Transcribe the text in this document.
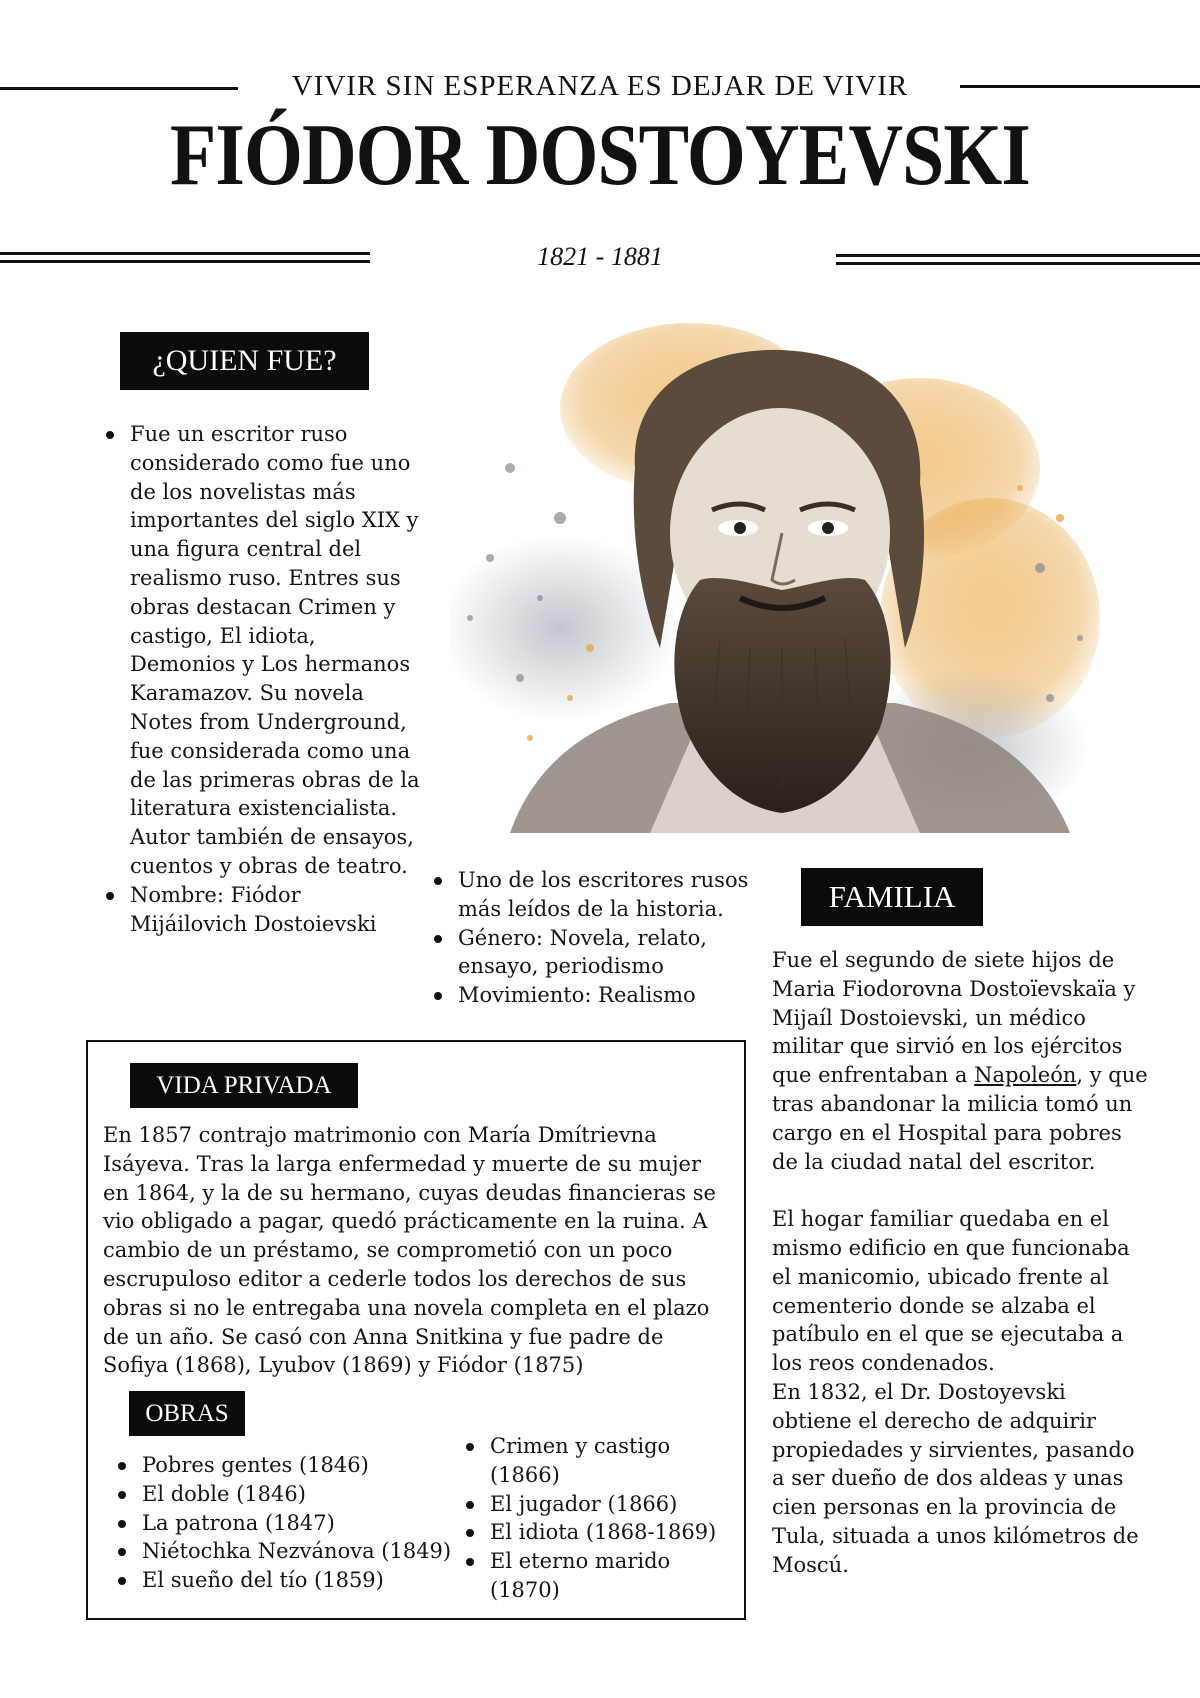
VIVIR SIN ESPERANZA ES DEJAR DE VIVIR
FIÓDOR DOSTOYEVSKI
1821 - 1881
¿QUIEN FUE?
Fue un escritor ruso considerado como fue uno de los novelistas más importantes del siglo XIX y una figura central del realismo ruso. Entres sus obras destacan Crimen y castigo, El idiota, Demonios y Los hermanos Karamazov. Su novela Notes from Underground, fue considerada como una de las primeras obras de la literatura existencialista. Autor también de ensayos, cuentos y obras de teatro.
Nombre: Fiódor Mijáilovich Dostoievski
Uno de los escritores rusos más leídos de la historia.
Género: Novela, relato, ensayo, periodismo
Movimiento: Realismo
FAMILIA

Fue el segundo de siete hijos de Maria Fiodorovna Dostoïevskaïa y Mijaíl Dostoievski, un médico militar que sirvió en los ejércitos que enfrentaban a Napoleón, y que tras abandonar la milicia tomó un cargo en el Hospital para pobres de la ciudad natal del escritor.

El hogar familiar quedaba en el mismo edificio en que funcionaba el manicomio, ubicado frente al cementerio donde se alzaba el patíbulo en el que se ejecutaba a los reos condenados.

En 1832, el Dr. Dostoyevski obtiene el derecho de adquirir propiedades y sirvientes, pasando a ser dueño de dos aldeas y unas cien personas en la provincia de Tula, situada a unos kilómetros de Moscú.

VIDA PRIVADA
En 1857 contrajo matrimonio con María Dmítrievna Isáyeva. Tras la larga enfermedad y muerte de su mujer en 1864, y la de su hermano, cuyas deudas financieras se vio obligado a pagar, quedó prácticamente en la ruina. A cambio de un préstamo, se comprometió con un poco escrupuloso editor a cederle todos los derechos de sus obras si no le entregaba una novela completa en el plazo de un año. Se casó con Anna Snitkina y fue padre de Sofiya (1868), Lyubov (1869) y Fiódor (1875)
OBRAS
Pobres gentes (1846)
El doble (1846)
La patrona (1847)
Niétochka Nezvánova (1849)
El sueño del tío (1859)
Crimen y castigo (1866)
El jugador (1866)
El idiota (1868-1869)
El eterno marido (1870)
